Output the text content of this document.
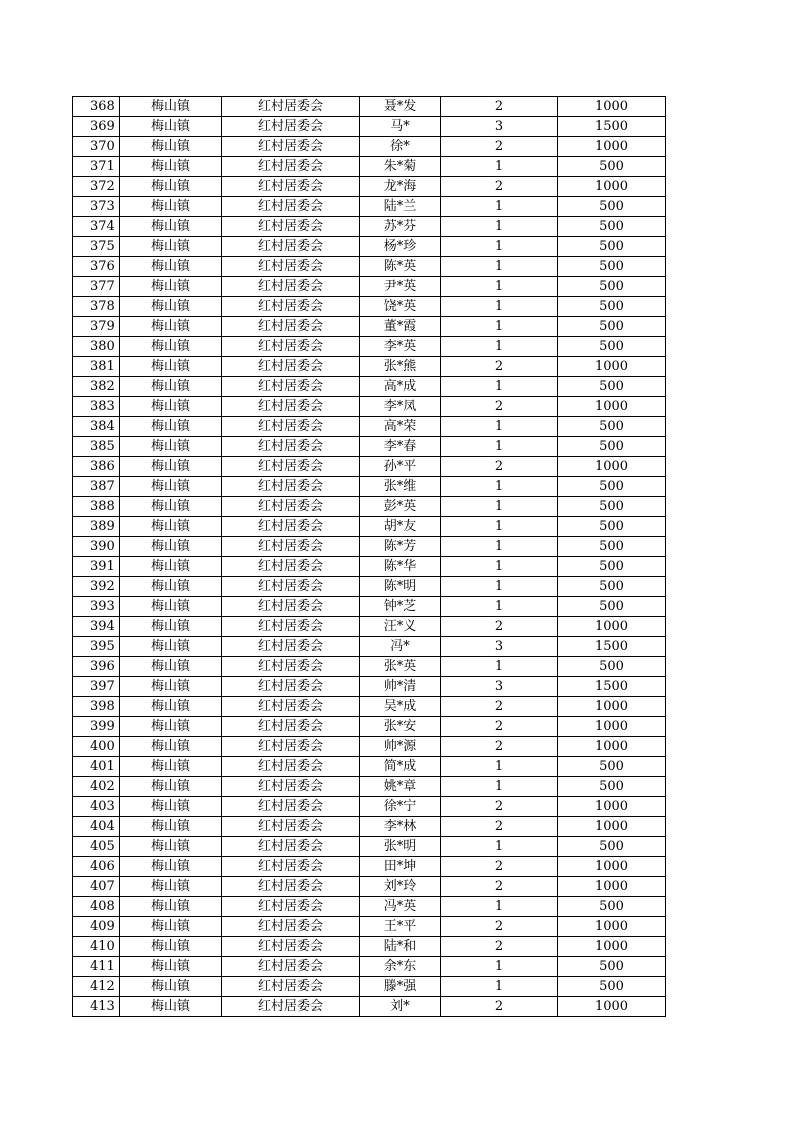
368	梅山镇	红村居委会	聂*发	2	1000
369	梅山镇	红村居委会	马*	3	1500
370	梅山镇	红村居委会	徐*	2	1000
371	梅山镇	红村居委会	朱*菊	1	500
372	梅山镇	红村居委会	龙*海	2	1000
373	梅山镇	红村居委会	陆*兰	1	500
374	梅山镇	红村居委会	苏*芬	1	500
375	梅山镇	红村居委会	杨*珍	1	500
376	梅山镇	红村居委会	陈*英	1	500
377	梅山镇	红村居委会	尹*英	1	500
378	梅山镇	红村居委会	饶*英	1	500
379	梅山镇	红村居委会	董*霞	1	500
380	梅山镇	红村居委会	李*英	1	500
381	梅山镇	红村居委会	张*熊	2	1000
382	梅山镇	红村居委会	高*成	1	500
383	梅山镇	红村居委会	李*凤	2	1000
384	梅山镇	红村居委会	高*荣	1	500
385	梅山镇	红村居委会	李*春	1	500
386	梅山镇	红村居委会	孙*平	2	1000
387	梅山镇	红村居委会	张*维	1	500
388	梅山镇	红村居委会	彭*英	1	500
389	梅山镇	红村居委会	胡*友	1	500
390	梅山镇	红村居委会	陈*芳	1	500
391	梅山镇	红村居委会	陈*华	1	500
392	梅山镇	红村居委会	陈*明	1	500
393	梅山镇	红村居委会	钟*芝	1	500
394	梅山镇	红村居委会	汪*义	2	1000
395	梅山镇	红村居委会	冯*	3	1500
396	梅山镇	红村居委会	张*英	1	500
397	梅山镇	红村居委会	帅*清	3	1500
398	梅山镇	红村居委会	吴*成	2	1000
399	梅山镇	红村居委会	张*安	2	1000
400	梅山镇	红村居委会	帅*源	2	1000
401	梅山镇	红村居委会	简*成	1	500
402	梅山镇	红村居委会	姚*章	1	500
403	梅山镇	红村居委会	徐*宁	2	1000
404	梅山镇	红村居委会	李*林	2	1000
405	梅山镇	红村居委会	张*明	1	500
406	梅山镇	红村居委会	田*坤	2	1000
407	梅山镇	红村居委会	刘*玲	2	1000
408	梅山镇	红村居委会	冯*英	1	500
409	梅山镇	红村居委会	王*平	2	1000
410	梅山镇	红村居委会	陆*和	2	1000
411	梅山镇	红村居委会	余*东	1	500
412	梅山镇	红村居委会	滕*强	1	500
413	梅山镇	红村居委会	刘*	2	1000
